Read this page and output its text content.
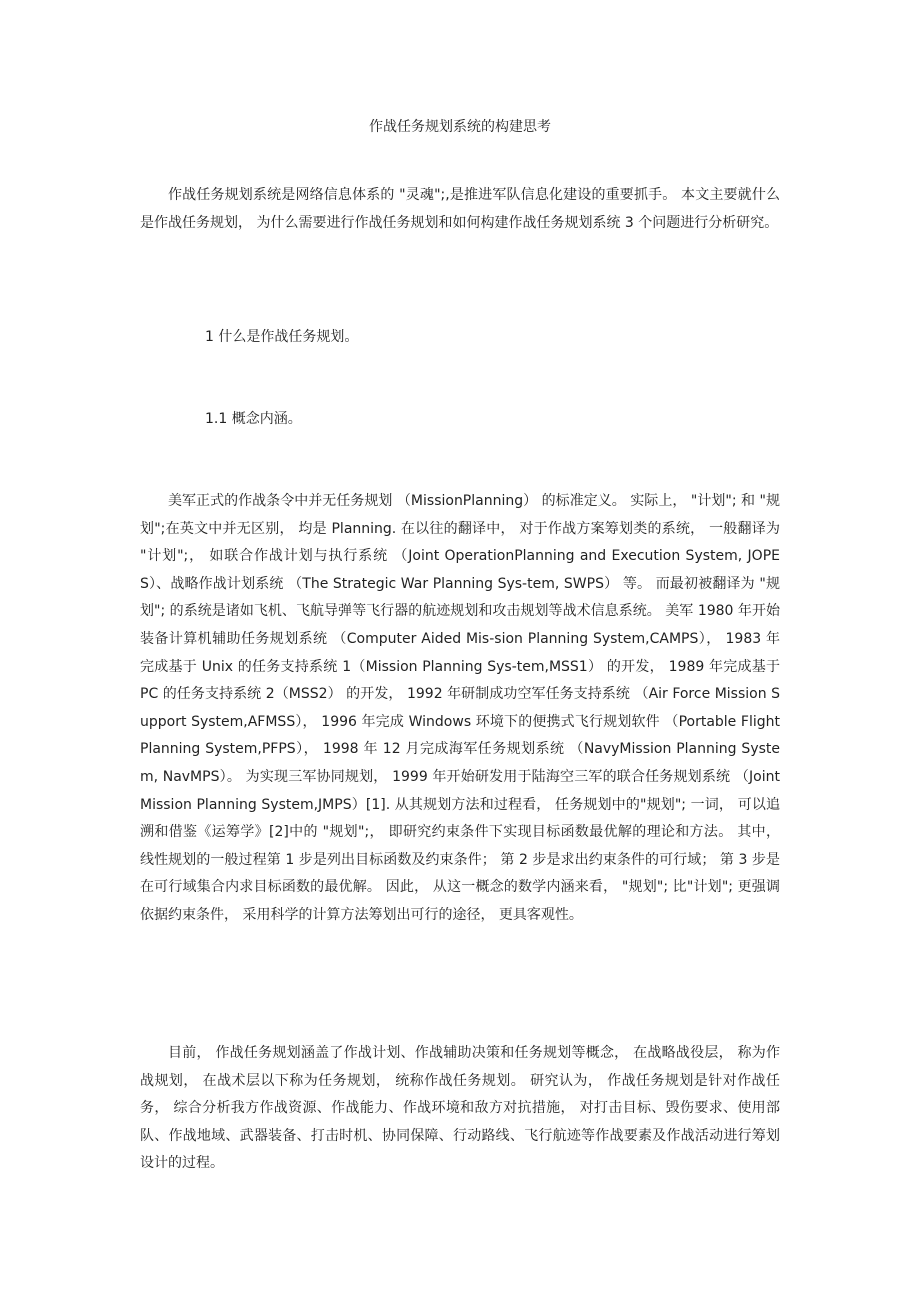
作战任务规划系统的构建思考
作战任务规划系统是网络信息体系的 "灵魂";,是推进军队信息化建设的重要抓手。 本文主要就什么是作战任务规划， 为什么需要进行作战任务规划和如何构建作战任务规划系统 3 个问题进行分析研究。
1 什么是作战任务规划。
1.1 概念内涵。
美军正式的作战条令中并无任务规划 （MissionPlanning） 的标准定义。 实际上， "计划"; 和 "规划";在英文中并无区别， 均是 Planning. 在以往的翻译中， 对于作战方案筹划类的系统， 一般翻译为 "计划";， 如联合作战计划与执行系统 （Joint OperationPlanning and Execution System, JOPES）、战略作战计划系统 （The Strategic War Planning Sys-tem, SWPS） 等。 而最初被翻译为 "规划"; 的系统是诸如飞机、飞航导弹等飞行器的航迹规划和攻击规划等战术信息系统。 美军 1980 年开始装备计算机辅助任务规划系统 （Computer Aided Mis-sion Planning System,CAMPS）， 1983 年完成基于 Unix 的任务支持系统 1（Mission Planning Sys-tem,MSS1） 的开发， 1989 年完成基于 PC 的任务支持系统 2（MSS2） 的开发， 1992 年研制成功空军任务支持系统 （Air Force Mission Support System,AFMSS）， 1996 年完成 Windows 环境下的便携式飞行规划软件 （Portable Flight Planning System,PFPS）， 1998 年 12 月完成海军任务规划系统 （NavyMission Planning System, NavMPS）。 为实现三军协同规划， 1999 年开始研发用于陆海空三军的联合任务规划系统 （Joint Mission Planning System,JMPS）[1]. 从其规划方法和过程看， 任务规划中的"规划"; 一词， 可以追溯和借鉴《运筹学》[2]中的 "规划";， 即研究约束条件下实现目标函数最优解的理论和方法。 其中， 线性规划的一般过程第 1 步是列出目标函数及约束条件； 第 2 步是求出约束条件的可行域； 第 3 步是在可行域集合内求目标函数的最优解。 因此， 从这一概念的数学内涵来看， "规划"; 比"计划"; 更强调依据约束条件， 采用科学的计算方法筹划出可行的途径， 更具客观性。
目前， 作战任务规划涵盖了作战计划、作战辅助决策和任务规划等概念， 在战略战役层， 称为作战规划， 在战术层以下称为任务规划， 统称作战任务规划。 研究认为， 作战任务规划是针对作战任务， 综合分析我方作战资源、作战能力、作战环境和敌方对抗措施， 对打击目标、毁伤要求、使用部队、作战地域、武器装备、打击时机、协同保障、行动路线、飞行航迹等作战要素及作战活动进行筹划设计的过程。
